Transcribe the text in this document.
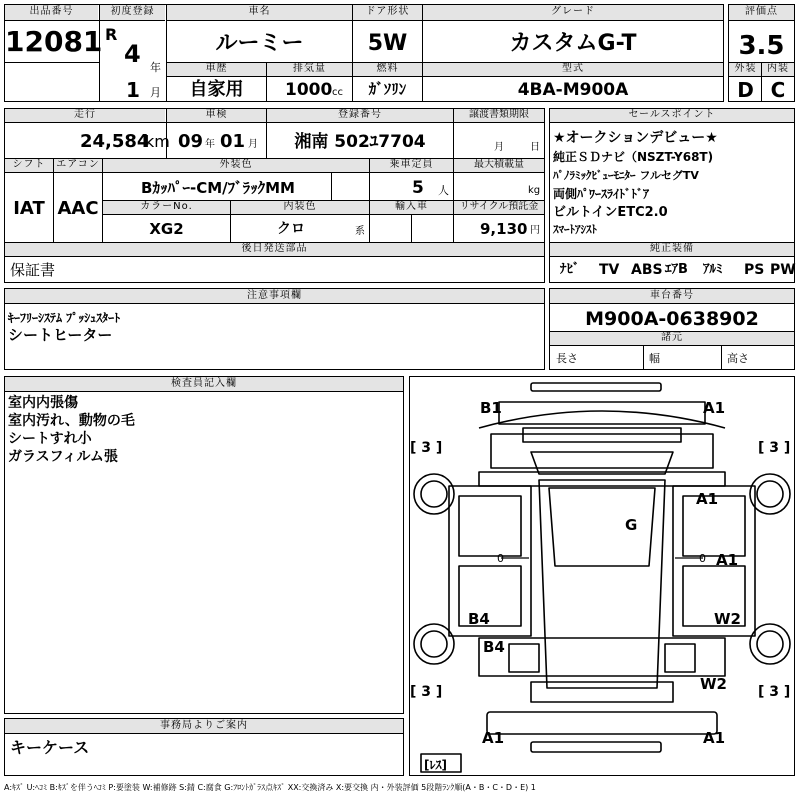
出品番号
12081
初度登録
R
4 年
1 月
車名
ルーミー
ドア形状
5W
グレード
カスタムG-T
車歴
自家用
排気量
1000 cc
燃料
ｶﾞｿﾘﾝ
型式
4BA-M900A
評価点
3.5
外装	内装
D C
走行
24,584
km
車検
09 年 01 月
登録番号
湘南 502ﾕ7704
譲渡書類期限
月	日
シフト
IAT
エアコン
AAC
外装色
Bｶｯﾊﾟｰ-CM/ﾌﾞﾗｯｸMM
乗車定員
5 人
最大積載量
kg
カラーNo.
XG2
内装色
クロ	系
輸入車	リサイクル預託金
9,130 円
後日発送部品
保証書
セールスポイント
★オークションデビュー★
純正ＳＤナビ（NSZT-Y68T)
ﾊﾟﾉﾗﾐｯｸﾋﾞｭｰﾓﾆﾀｰ フルセグTV
両側ﾊﾟﾜｰｽﾗｲﾄﾞﾄﾞｱ
ビルトインETC2.0
ｽﾏｰﾄｱｼｽﾄ
純正装備
ﾅﾋﾞ TV ABS ｴｱB ｱﾙﾐ PS PW
注意事項欄
ｷｰﾌﾘｰｼｽﾃﾑ ﾌﾟｯｼｭｽﾀｰﾄ
シートヒーター
車台番号
M900A-0638902
諸元
長さ	幅	高さ
検査員記入欄
室内内張傷
室内汚れ、動物の毛
シートすれ小
ガラスフィルム張
事務局よりご案内
キーケース
B1	A1
A1
G
A1
B4	W2
B4
W2
A1	A1
[ 3 ]	[ 3 ]
[ 3 ]	[ 3 ]
0	0
[ﾚｽ]
A:ｷｽﾞ U:ﾍｺﾐ B:ｷｽﾞを伴うﾍｺﾐ P:要塗装 W:補修跡 S:錆 C:腐食 G:ﾌﾛﾝﾄｶﾞﾗｽ点ｷｽﾞ XX:交換済み X:要交換 内・外装評価 5段階ﾗﾝｸ順(A・B・C・D・E) 1
